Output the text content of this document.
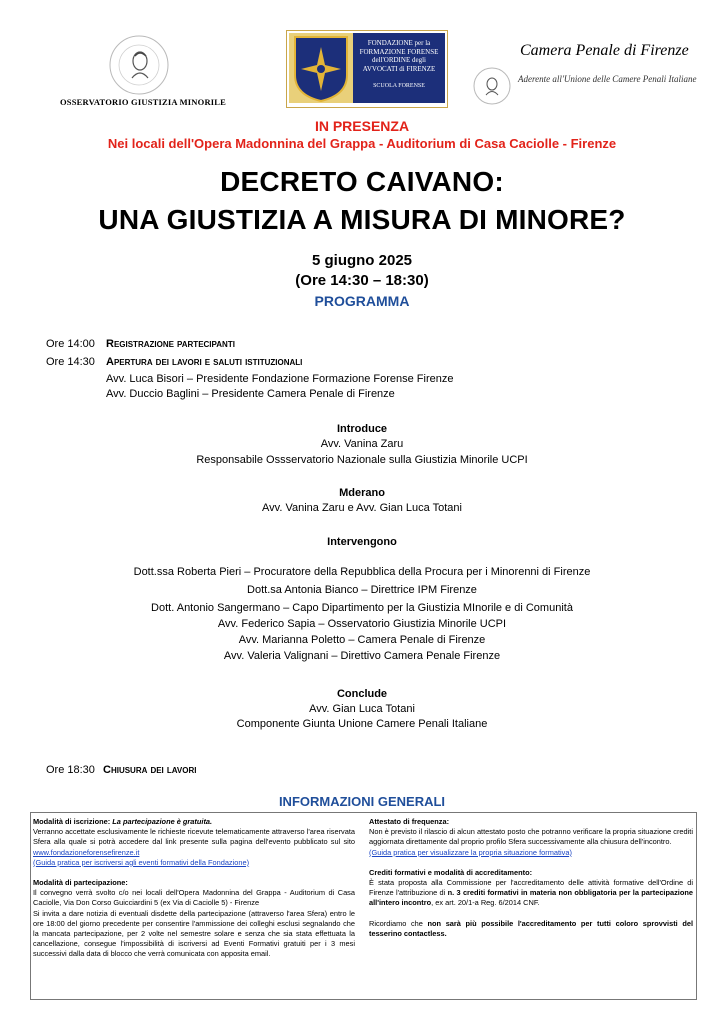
OSSERVATORIO GIUSTIZIA MINORILE
FONDAZIONE per la
FORMAZIONE FORENSE
dell'ORDINE degli
AVVOCATI di FIRENZE
SCUOLA FORENSE
Camera Penale di Firenze
Aderente all'Unione delle Camere Penali Italiane
IN PRESENZA
Nei locali dell'Opera Madonnina del Grappa - Auditorium di Casa Caciolle - Firenze
DECRETO CAIVANO:
UNA GIUSTIZIA A MISURA DI MINORE?
5 giugno 2025
(Ore 14:30 – 18:30)
PROGRAMMA
Ore 14:00 Registrazione partecipanti
Ore 14:30 Apertura dei lavori e saluti istituzionali
Avv. Luca Bisori – Presidente Fondazione Formazione Forense Firenze
Avv. Duccio Baglini – Presidente Camera Penale di Firenze
Introduce
Avv. Vanina Zaru
Responsabile Ossservatorio Nazionale sulla Giustizia Minorile UCPI
Mderano
Avv. Vanina Zaru e Avv. Gian Luca Totani
Intervengono
Dott.ssa Roberta Pieri – Procuratore della Repubblica della Procura per i Minorenni di Firenze
Dott.sa Antonia Bianco – Direttrice IPM Firenze
Dott. Antonio Sangermano – Capo Dipartimento per la Giustizia MInorile e di Comunità
Avv. Federico Sapia – Osservatorio Giustizia Minorile UCPI
Avv. Marianna Poletto – Camera Penale di Firenze
Avv. Valeria Valignani – Direttivo Camera Penale Firenze
Conclude
Avv. Gian Luca Totani
Componente Giunta Unione Camere Penali Italiane
Ore 18:30 Chiusura dei lavori
INFORMAZIONI GENERALI

Modalità di iscrizione: La partecipazione è gratuita.
Verranno accettate esclusivamente le richieste ricevute telematicamente attraverso l'area riservata Sfera alla quale si potrà accedere dal link presente sulla pagina dell'evento pubblicato sul sito www.fondazioneforensefirenze.it
(Guida pratica per iscriversi agli eventi formativi della Fondazione)

Modalità di partecipazione:
Il convegno verrà svolto c/o nei locali dell'Opera Madonnina del Grappa - Auditorium di Casa Caciolle, Via Don Corso Guicciardini 5 (ex Via di Caciolle 5) - Firenze
Si invita a dare notizia di eventuali disdette della partecipazione (attraverso l'area Sfera) entro le ore 18:00 del giorno precedente per consentire l'ammissione dei colleghi esclusi segnalando che la mancata partecipazione, per 2 volte nel semestre solare e senza che sia stata effettuata la cancellazione, consegue l'impossibilità di iscriversi ad Eventi Formativi gratuiti per i 3 mesi successivi dalla data di blocco che verrà comunicata con apposita email.

Attestato di frequenza:
Non è previsto il rilascio di alcun attestato posto che potranno verificare la propria situazione crediti aggiornata direttamente dal proprio profilo Sfera successivamente alla chiusura dell'incontro.
(Guida pratica per visualizzare la propria situazione formativa)

Crediti formativi e modalità di accreditamento:
È stata proposta alla Commissione per l'accreditamento delle attività formative dell'Ordine di Firenze l'attribuzione di n. 3 crediti formativi in materia non obbligatoria per la partecipazione all'intero incontro, ex art. 20/1-a Reg. 6/2014 CNF.

Ricordiamo che non sarà più possibile l'accreditamento per tutti coloro sprovvisti del tesserino contactless.
